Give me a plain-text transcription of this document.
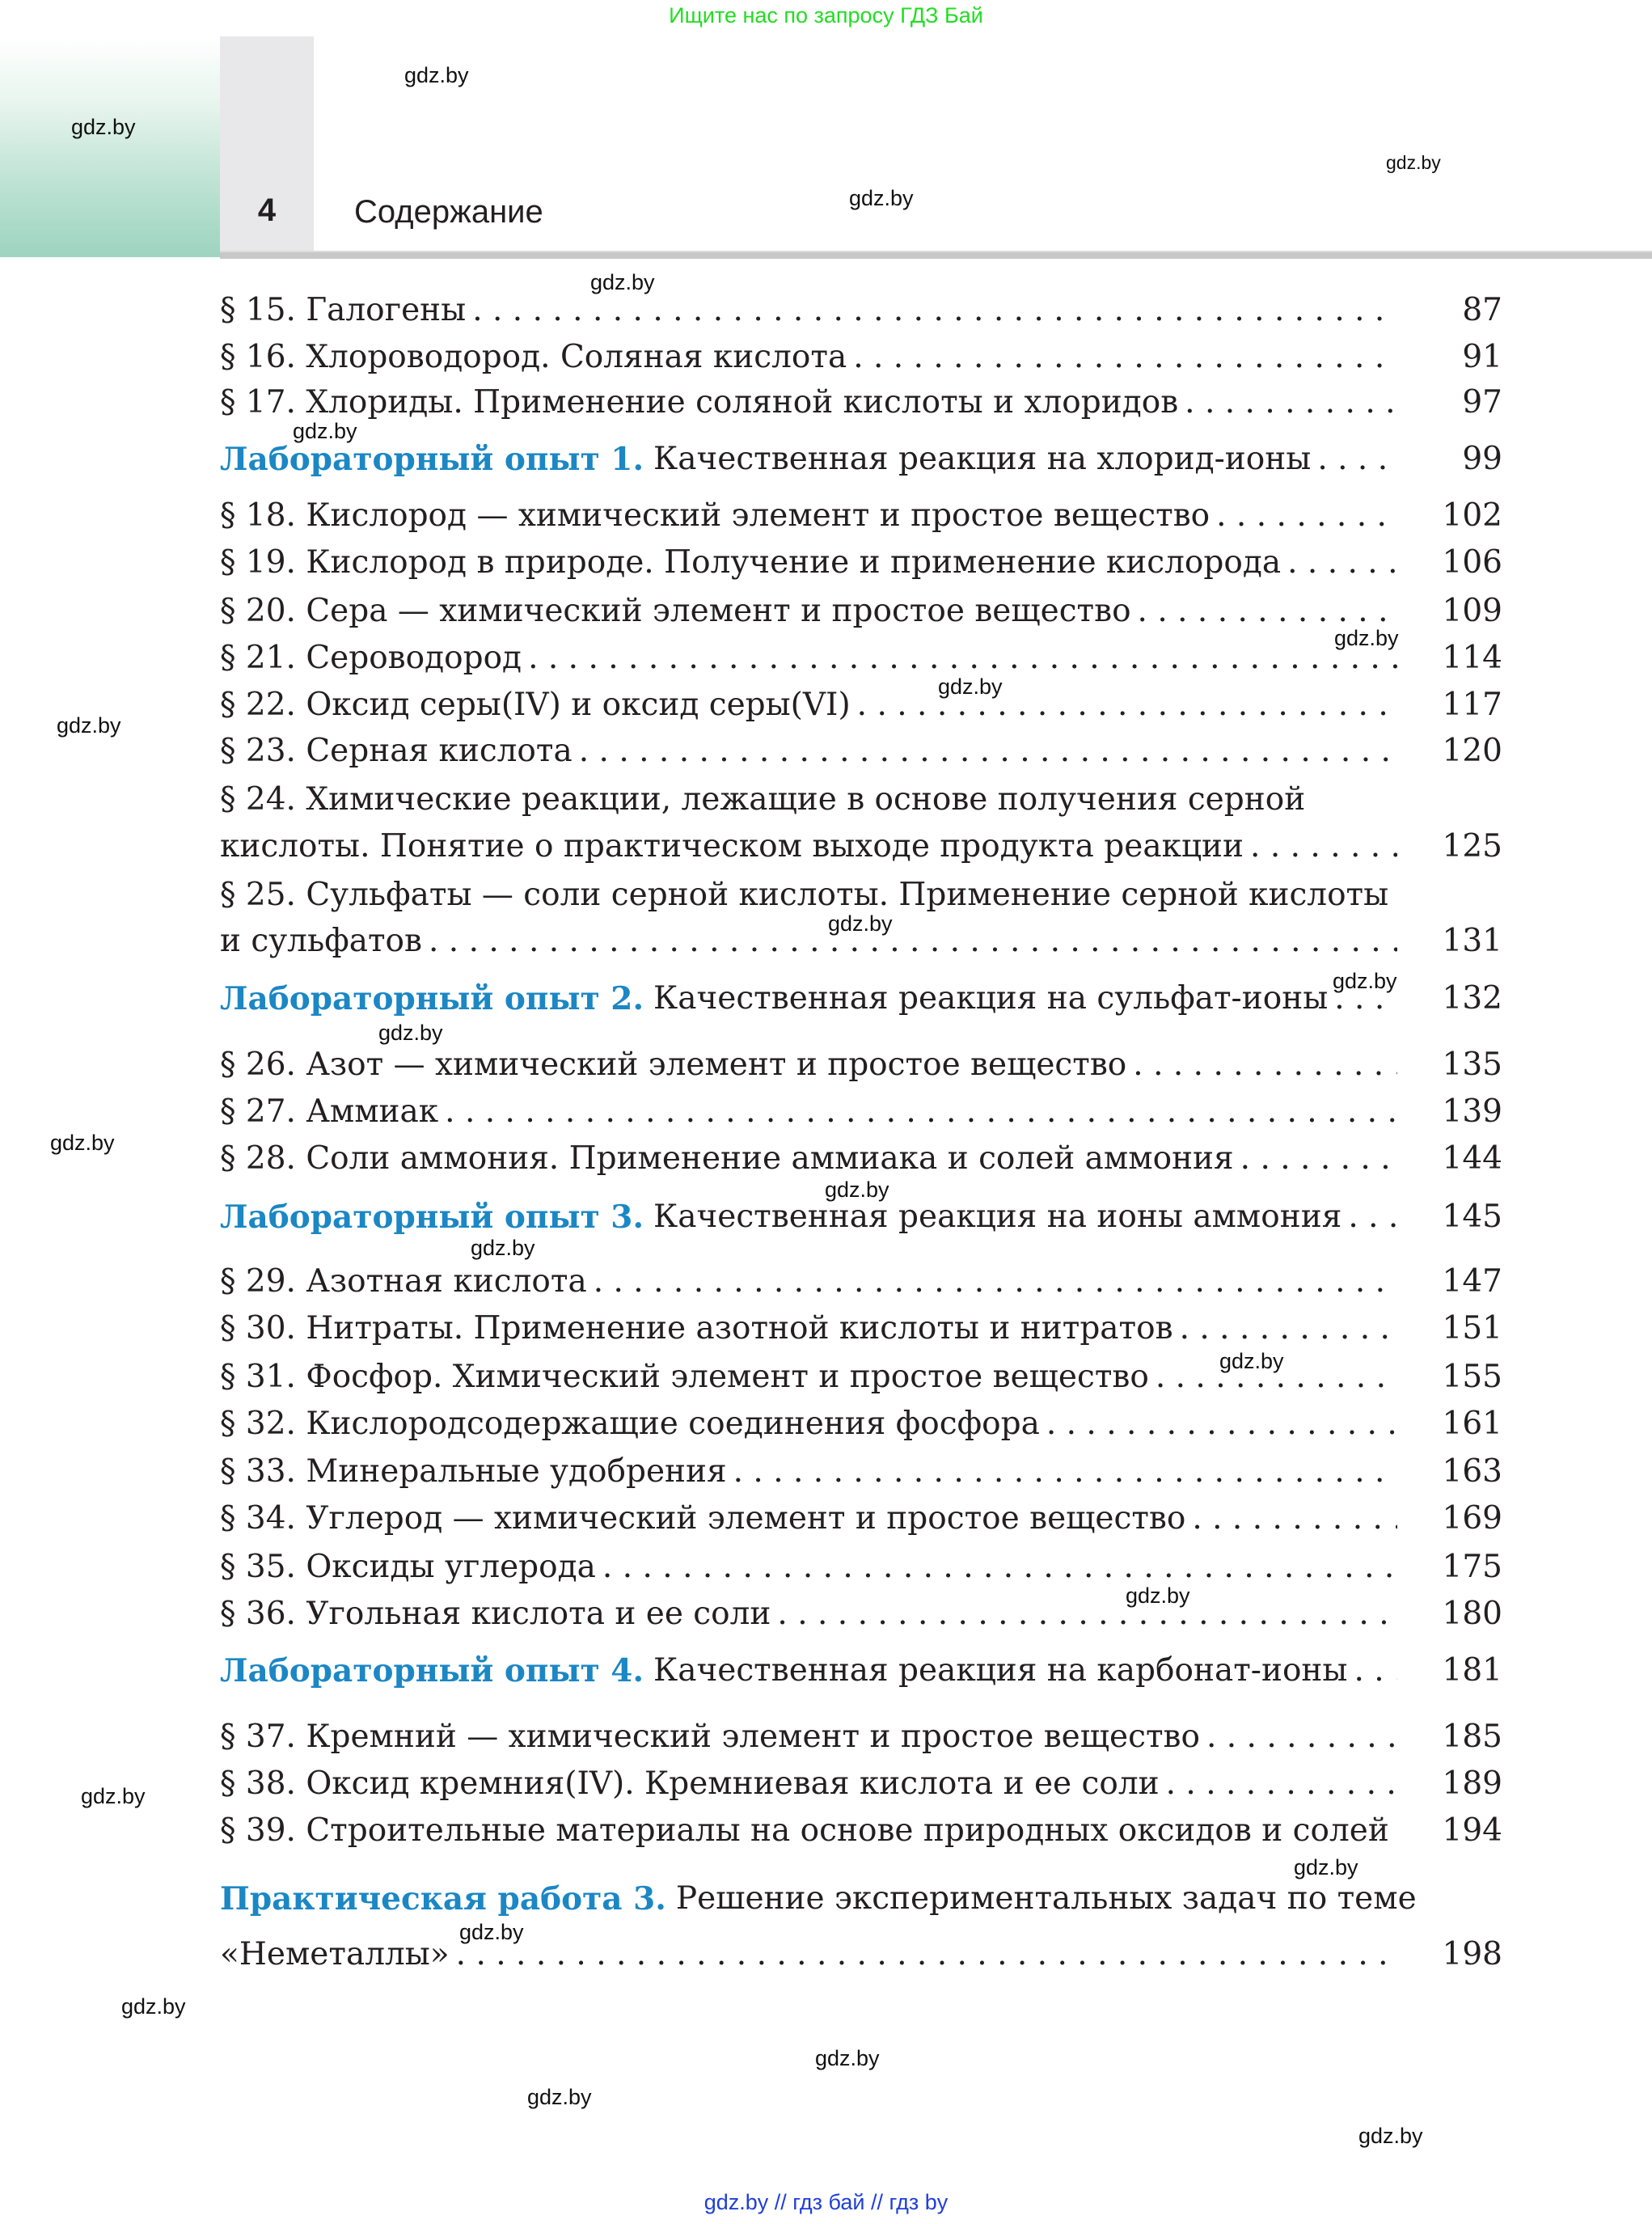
Ищите нас по запросу ГДЗ Бай
4	Содержание
§ 15. Галогены . . .	87
§ 16. Хлороводород. Соляная кислота . . .	91
§ 17. Хлориды. Применение соляной кислоты и хлоридов . . .	97
Лабораторный опыт 1. Качественная реакция на хлорид-ионы . . .	99
§ 18. Кислород — химический элемент и простое вещество . . .	102
§ 19. Кислород в природе. Получение и применение кислорода . . .	106
§ 20. Сера — химический элемент и простое вещество . . .	109
§ 21. Сероводород . . .	114
§ 22. Оксид серы(IV) и оксид серы(VI) . . .	117
§ 23. Серная кислота . . .	120
§ 24. Химические реакции, лежащие в основе получения серной
кислоты. Понятие о практическом выходе продукта реакции . . .	125
§ 25. Сульфаты — соли серной кислоты. Применение серной кислоты
и сульфатов . . .	131
Лабораторный опыт 2. Качественная реакция на сульфат-ионы . . .	132
§ 26. Азот — химический элемент и простое вещество . . .	135
§ 27. Аммиак . . .	139
§ 28. Соли аммония. Применение аммиака и солей аммония . . .	144
Лабораторный опыт 3. Качественная реакция на ионы аммония . . .	145
§ 29. Азотная кислота . . .	147
§ 30. Нитраты. Применение азотной кислоты и нитратов . . .	151
§ 31. Фосфор. Химический элемент и простое вещество . . .	155
§ 32. Кислородсодержащие соединения фосфора . . .	161
§ 33. Минеральные удобрения . . .	163
§ 34. Углерод — химический элемент и простое вещество . . .	169
§ 35. Оксиды углерода . . .	175
§ 36. Угольная кислота и ее соли . . .	180
Лабораторный опыт 4. Качественная реакция на карбонат-ионы . . .	181
§ 37. Кремний — химический элемент и простое вещество . . .	185
§ 38. Оксид кремния(IV). Кремниевая кислота и ее соли . . .	189
§ 39. Строительные материалы на основе природных оксидов и солей	194
Практическая работа 3. Решение экспериментальных задач по теме
«Неметаллы» . . .	198
gdz.by
gdz.by
gdz.by
gdz.by
gdz.by
gdz.by
gdz.by
gdz.by
gdz.by
gdz.by
gdz.by
gdz.by
gdz.by
gdz.by
gdz.by
gdz.by
gdz.by
gdz.by
gdz.by
gdz.by
gdz.by
gdz.by
gdz.by
gdz.by
gdz.by // гдз бай // гдз by
